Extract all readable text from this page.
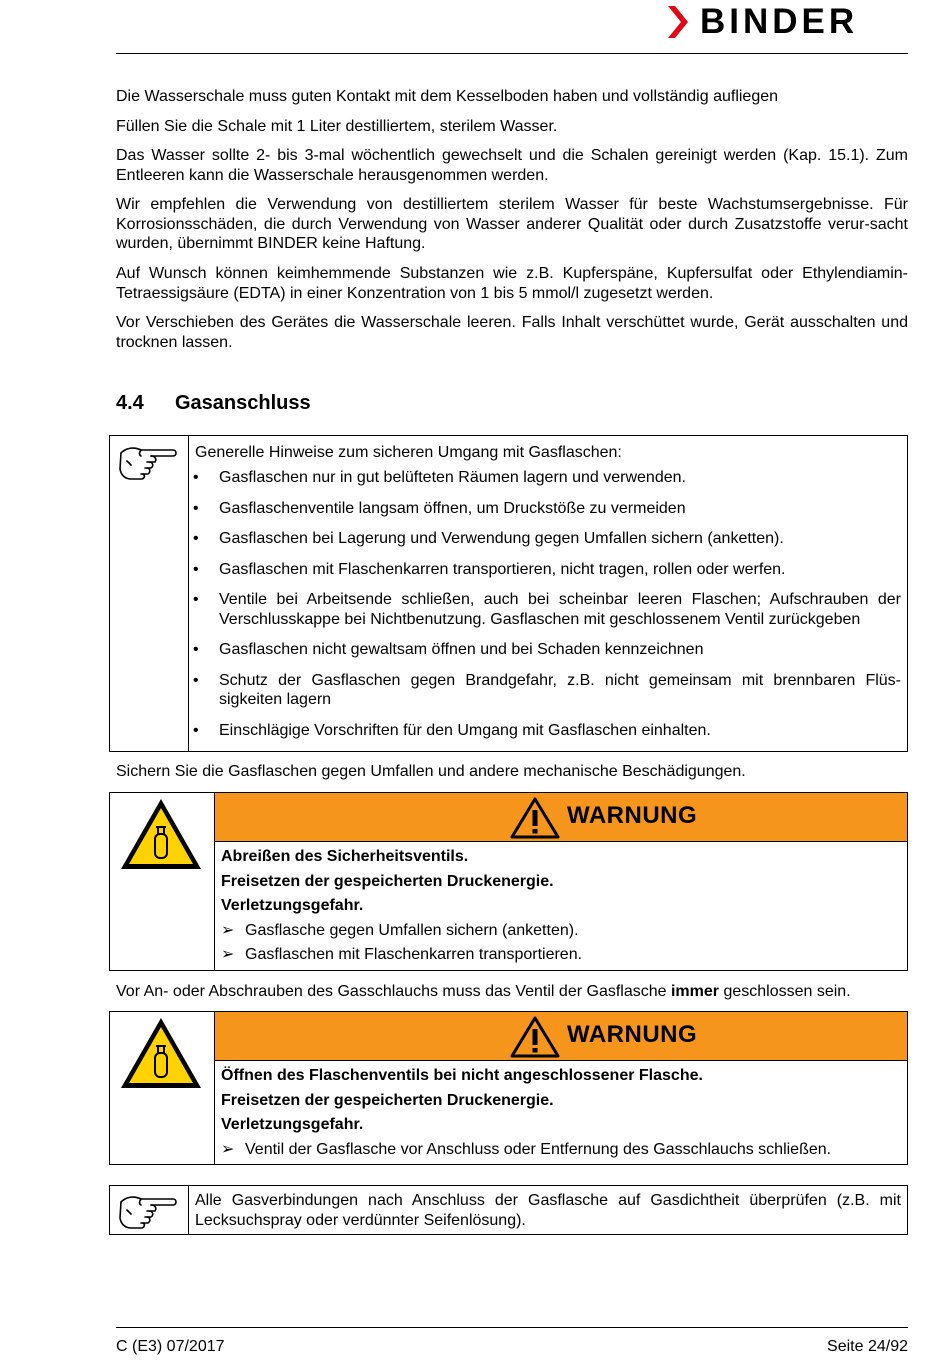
BINDER

Die Wasserschale muss guten Kontakt mit dem Kesselboden haben und vollständig aufliegen

Füllen Sie die Schale mit 1 Liter destilliertem, sterilem Wasser.

Das Wasser sollte 2- bis 3-mal wöchentlich gewechselt und die Schalen gereinigt werden (Kap. 15.1). Zum Entleeren kann die Wasserschale herausgenommen werden.

Wir empfehlen die Verwendung von destilliertem sterilem Wasser für beste Wachstumsergebnisse. Für Korrosionsschäden, die durch Verwendung von Wasser anderer Qualität oder durch Zusatzstoffe verur-sacht wurden, übernimmt BINDER keine Haftung.

Auf Wunsch können keimhemmende Substanzen wie z.B. Kupferspäne, Kupfersulfat oder Ethylendiamin-Tetraessigsäure (EDTA) in einer Konzentration von 1 bis 5 mmol/l zugesetzt werden.

Vor Verschieben des Gerätes die Wasserschale leeren. Falls Inhalt verschüttet wurde, Gerät ausschalten und trocknen lassen.

4.4 Gasanschluss
Generelle Hinweise zum sicheren Umgang mit Gasflaschen:
• Gasflaschen nur in gut belüfteten Räumen lagern und verwenden.
• Gasflaschenventile langsam öffnen, um Druckstöße zu vermeiden
• Gasflaschen bei Lagerung und Verwendung gegen Umfallen sichern (anketten).
• Gasflaschen mit Flaschenkarren transportieren, nicht tragen, rollen oder werfen.
• Ventile bei Arbeitsende schließen, auch bei scheinbar leeren Flaschen; Aufschrauben der Verschlusskappe bei Nichtbenutzung. Gasflaschen mit geschlossenem Ventil zurückgeben
• Gasflaschen nicht gewaltsam öffnen und bei Schaden kennzeichnen
• Schutz der Gasflaschen gegen Brandgefahr, z.B. nicht gemeinsam mit brennbaren Flüs-sigkeiten lagern
• Einschlägige Vorschriften für den Umgang mit Gasflaschen einhalten.

Sichern Sie die Gasflaschen gegen Umfallen und andere mechanische Beschädigungen.

WARNUNG
Abreißen des Sicherheitsventils.
Freisetzen der gespeicherten Druckenergie.
Verletzungsgefahr.
➢ Gasflasche gegen Umfallen sichern (anketten).
➢ Gasflaschen mit Flaschenkarren transportieren.

Vor An- oder Abschrauben des Gasschlauchs muss das Ventil der Gasflasche immer geschlossen sein.

WARNUNG
Öffnen des Flaschenventils bei nicht angeschlossener Flasche.
Freisetzen der gespeicherten Druckenergie.
Verletzungsgefahr.
➢ Ventil der Gasflasche vor Anschluss oder Entfernung des Gasschlauchs schließen.
Alle Gasverbindungen nach Anschluss der Gasflasche auf Gasdichtheit überprüfen (z.B. mit Lecksuchspray oder verdünnter Seifenlösung).
C (E3) 07/2017	Seite 24/92
